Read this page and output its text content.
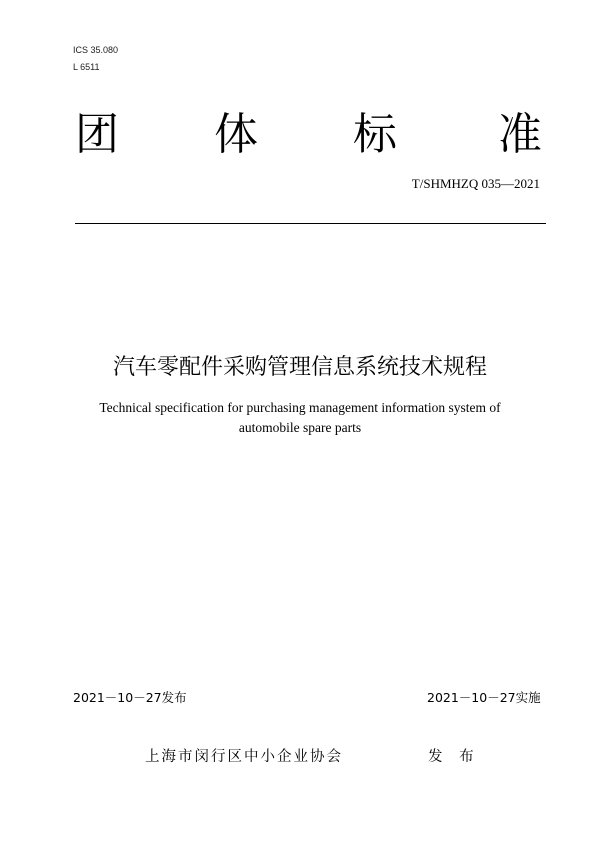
ICS 35.080
L 6511
团 体 标 准
T/SHMHZQ 035—2021
汽车零配件采购管理信息系统技术规程
Technical specification for purchasing management information system of
automobile spare parts
2021－10－27发布	2021－10－27实施
上海市闵行区中小企业协会	发 布
